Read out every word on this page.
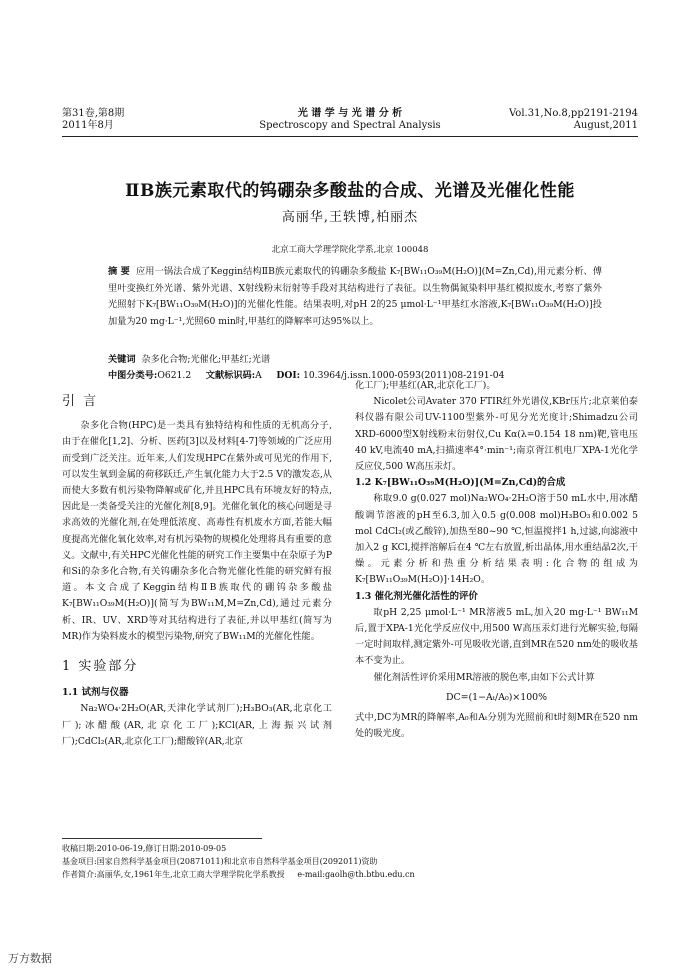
第31卷,第8期
2011年8月
光 谱 学 与 光 谱 分 析
Spectroscopy and Spectral Analysis
Vol.31,No.8,pp2191-2194
August,2011
ⅡB族元素取代的钨硼杂多酸盐的合成、光谱及光催化性能
高丽华,王轶博,柏丽杰
北京工商大学理学院化学系,北京 100048
摘 要 应用一锅法合成了Keggin结构ⅡB族元素取代的钨硼杂多酸盐 K₇[BW₁₁O₃₉M(H₂O)](M=Zn,Cd),用元素分析、傅里叶变换红外光谱、紫外光谱、X射线粉末衍射等手段对其结构进行了表征。以生物偶氮染料甲基红模拟废水,考察了紫外光照射下K₇[BW₁₁O₃₉M(H₂O)]的光催化性能。结果表明,对pH 2的25 μmol·L⁻¹甲基红水溶液,K₇[BW₁₁O₃₉M(H₂O)]投加量为20 mg·L⁻¹,光照60 min时,甲基红的降解率可达95%以上。
关键词 杂多化合物;光催化;甲基红;光谱
中图分类号:O621.2 文献标识码:A DOI: 10.3964/j.issn.1000-0593(2011)08-2191-04
引 言

杂多化合物(HPC)是一类具有独特结构和性质的无机高分子,由于在催化[1,2]、分析、医药[3]以及材料[4-7]等领域的广泛应用而受到广泛关注。近年来,人们发现HPC在紫外或可见光的作用下,可以发生氧到金属的荷移跃迁,产生氧化能力大于2.5 V的激发态,从而使大多数有机污染物降解或矿化,并且HPC具有环境友好的特点,因此是一类备受关注的光催化剂[8,9]。光催化氧化的核心问题是寻求高效的光催化剂,在处理低浓度、高毒性有机废水方面,若能大幅度提高光催化氧化效率,对有机污染物的规模化处理将具有重要的意义。文献中,有关HPC光催化性能的研究工作主要集中在杂原子为P和Si的杂多化合物,有关钨硼杂多化合物光催化性能的研究鲜有报道。本文合成了Keggin结构ⅡB族取代的硼钨杂多酸盐 K₇[BW₁₁O₃₉M(H₂O)](简写为BW₁₁M,M=Zn,Cd),通过元素分析、IR、UV、XRD等对其结构进行了表征,并以甲基红(简写为MR)作为染料废水的模型污染物,研究了BW₁₁M的光催化性能。

1 实验部分
1.1 试剂与仪器

Na₂WO₄·2H₂O(AR,天津化学试剂厂);H₃BO₃(AR,北京化工厂);冰醋酸(AR,北京化工厂);KCl(AR,上海振兴试剂厂);CdCl₂(AR,北京化工厂);醋酸锌(AR,北京

化工厂);甲基红(AR,北京化工厂)。

Nicolet公司Avater 370 FTIR红外光谱仪,KBr压片;北京莱伯泰科仪器有限公司UV-1100型紫外-可见分光光度计;Shimadzu公司XRD-6000型X射线粉末衍射仪,Cu Kα(λ=0.154 18 nm)靶,管电压40 kV,电流40 mA,扫描速率4°·min⁻¹;南京胥江机电厂XPA-1光化学反应仪,500 W高压汞灯。

1.2 K₇[BW₁₁O₃₉M(H₂O)](M=Zn,Cd)的合成

称取9.0 g(0.027 mol)Na₂WO₄·2H₂O溶于50 mL水中,用冰醋酸调节溶液的pH至6.3,加入0.5 g(0.008 mol)H₃BO₃和0.002 5 mol CdCl₂(或乙酸锌),加热至80~90 ℃,恒温搅拌1 h,过滤,向滤液中加入2 g KCl,搅拌溶解后在4 ℃左右放置,析出晶体,用水重结晶2次,干燥。元素分析和热重分析结果表明:化合物的组成为K₇[BW₁₁O₃₉M(H₂O)]·14H₂O。

1.3 催化剂光催化活性的评价

取pH 2,25 μmol·L⁻¹ MR溶液5 mL,加入20 mg·L⁻¹ BW₁₁M后,置于XPA-1光化学反应仪中,用500 W高压汞灯进行光解实验,每隔一定时间取样,测定紫外-可见吸收光谱,直到MR在520 nm处的吸收基本不变为止。

催化剂活性评价采用MR溶液的脱色率,由如下公式计算

DC=(1−Aₜ/A₀)×100%

式中,DC为MR的降解率,A₀和Aₜ分别为光照前和t时刻MR在520 nm处的吸光度。

收稿日期:2010-06-19,修订日期:2010-09-05
基金项目:国家自然科学基金项目(20871011)和北京市自然科学基金项目(2092011)资助
作者简介:高丽华,女,1961年生,北京工商大学理学院化学系教授 e-mail:gaolh@th.btbu.edu.cn
万方数据
